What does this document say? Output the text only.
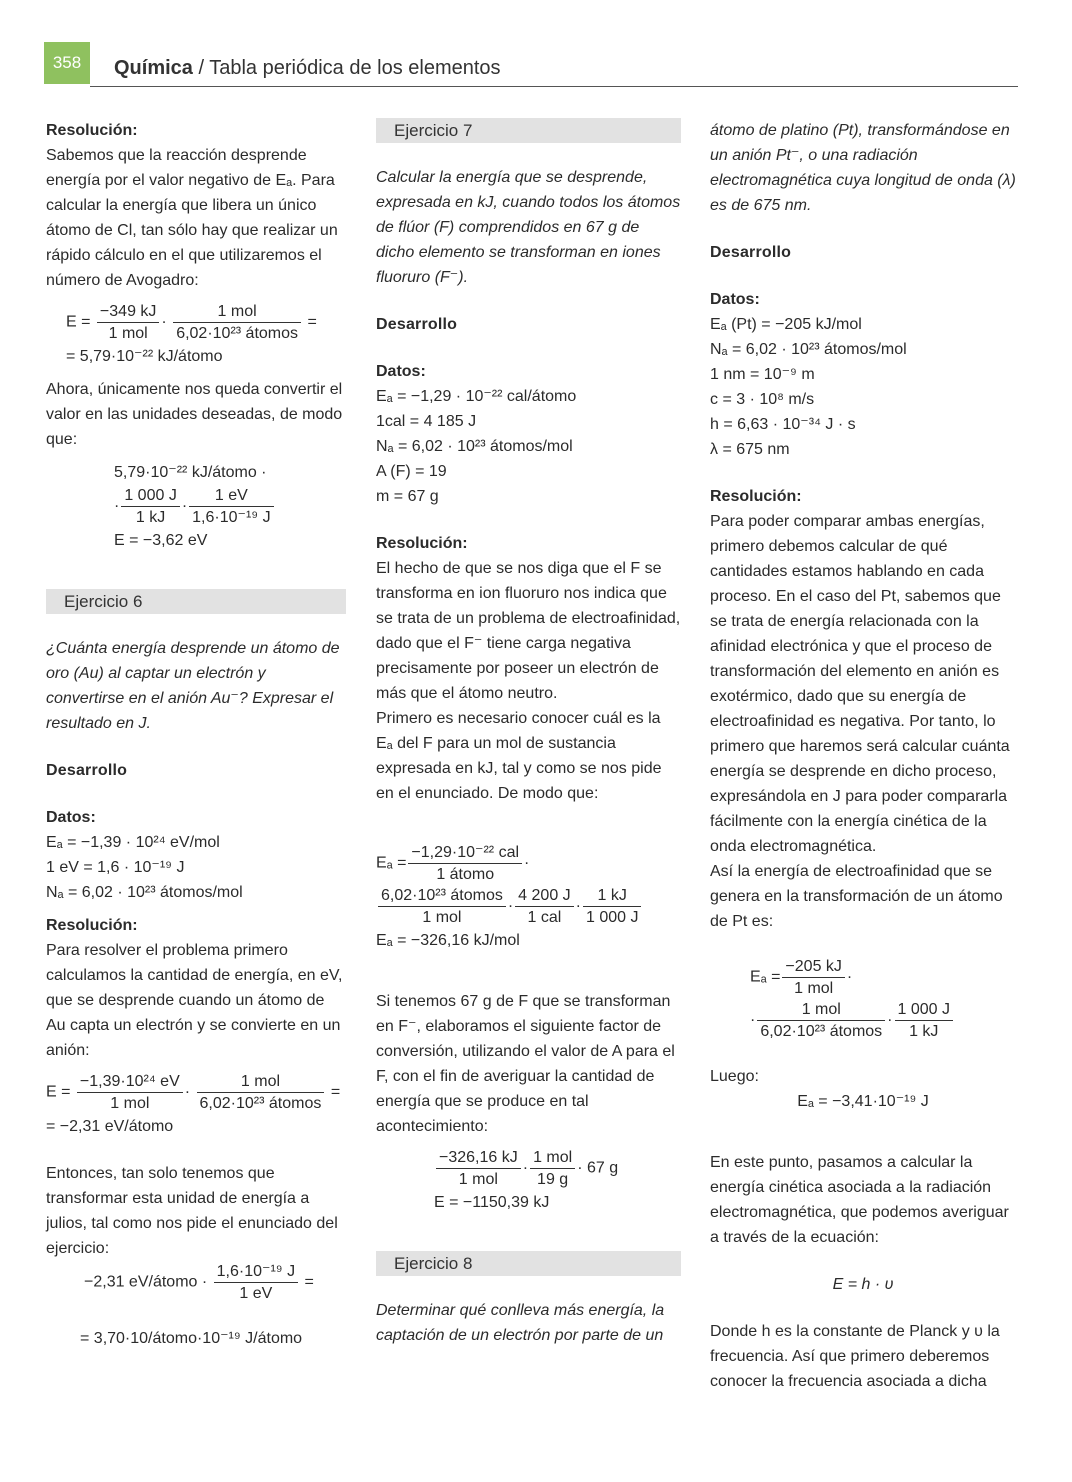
358	Química / Tabla periódica de los elementos
Resolución:

Sabemos que la reacción desprende energía por el valor negativo de Eₐ. Para calcular la energía que libera un único átomo de Cl, tan sólo hay que realizar un rápido cálculo en el que utilizaremos el número de Avogadro:

$E = \frac{-349 kJ}{\text{1 mol}} \cdot \frac{\text{1 mol}}{\text{6,02·10²³ átomos}}$ =
= 5,79·10⁻²² kJ/átomo

Ahora, únicamente nos queda convertir el valor en las unidades deseadas, de modo que:

5,79·10⁻²² kJ/átomo ·
· $\frac{1 000 J}{1 kJ} \cdot \frac{1 eV}{\text{1,6·10⁻¹⁹ J}}$
E = −3,62 eV
Ejercicio 6

¿Cuánta energía desprende un átomo de oro (Au) al captar un electrón y convertirse en el anión Au⁻? Expresar el resultado en J.

Desarrollo
Datos:
Eₐ = −1,39 · 10²⁴ eV/mol
1 eV = 1,6 · 10⁻¹⁹ J
Nₐ = 6,02 · 10²³ átomos/mol
Resolución:

Para resolver el problema primero calculamos la cantidad de energía, en eV, que se desprende cuando un átomo de Au capta un electrón y se convierte en un anión:

$E = \frac{\text{−1,39·10²⁴ eV}}{\text{1 mol}} \cdot \frac{\text{1 mol}}{\text{6,02·10²³ átomos}}$ =
= −2,31 eV/átomo

Entonces, tan solo tenemos que transformar esta unidad de energía a julios, tal como nos pide el enunciado del ejercicio:

−2,31 eV/átomo · $\frac{\text{1,6·10⁻¹⁹ J}}{1 eV}$ =
= 3,70·10/átomo·10⁻¹⁹ J/átomo
Ejercicio 7

Calcular la energía que se desprende, expresada en kJ, cuando todos los átomos de flúor (F) comprendidos en 67 g de dicho elemento se transforman en iones fluoruro (F⁻).

Desarrollo
Datos:
Eₐ = −1,29 · 10⁻²² cal/átomo
1cal = 4 185 J
Nₐ = 6,02 · 10²³ átomos/mol
A (F) = 19
m = 67 g
Resolución:

El hecho de que se nos diga que el F se transforma en ion fluoruro nos indica que se trata de un problema de electroafinidad, dado que el F⁻ tiene carga negativa precisamente por poseer un electrón de más que el átomo neutro.

Primero es necesario conocer cuál es la Eₐ del F para un mol de sustancia expresada en kJ, tal y como se nos pide en el enunciado. De modo que:

$E_a = \frac{\text{−1,29·10⁻²² cal}}{\text{1 átomo}}$ ·
$\frac{\text{6,02·10²³ átomos}}{\text{1 mol}} \cdot \frac{4 200 J}{\text{1 cal}} \cdot \frac{1 kJ}{1 000 J}$
Eₐ = −326,16 kJ/mol

Si tenemos 67 g de F que se transforman en F⁻, elaboramos el siguiente factor de conversión, utilizando el valor de A para el F, con el fin de averiguar la cantidad de energía que se produce en tal acontecimiento:

$\frac{-326,16 kJ}{\text{1 mol}} \cdot \frac{\text{1 mol}}{19 g} \cdot 67$ g
E = −1150,39 kJ
Ejercicio 8

Determinar qué conlleva más energía, la captación de un electrón por parte de un

átomo de platino (Pt), transformándose en un anión Pt⁻, o una radiación electromagnética cuya longitud de onda (λ) es de 675 nm.

Desarrollo
Datos:
Eₐ (Pt) = −205 kJ/mol
Nₐ = 6,02 · 10²³ átomos/mol
1 nm = 10⁻⁹ m
c = 3 · 10⁸ m/s
h = 6,63 · 10⁻³⁴ J · s
λ = 675 nm
Resolución:

Para poder comparar ambas energías, primero debemos calcular de qué cantidades estamos hablando en cada proceso. En el caso del Pt, sabemos que se trata de energía relacionada con la afinidad electrónica y que el proceso de transformación del elemento en anión es exotérmico, dado que su energía de electroafinidad es negativa. Por tanto, lo primero que haremos será calcular cuánta energía se desprende en dicho proceso, expresándola en J para poder compararla fácilmente con la energía cinética de la onda electromagnética.

Así la energía de electroafinidad que se genera en la transformación de un átomo de Pt es:

$E_a = \frac{-205 kJ}{\text{1 mol}}$ ·
· $\frac{\text{1 mol}}{\text{6,02·10²³ átomos}} \cdot \frac{1 000 J}{1 kJ}$
Luego:
Eₐ = −3,41·10⁻¹⁹ J

En este punto, pasamos a calcular la energía cinética asociada a la radiación electromagnética, que podemos averiguar a través de la ecuación:

E = h · υ

Donde h es la constante de Planck y υ la frecuencia. Así que primero deberemos conocer la frecuencia asociada a dicha
